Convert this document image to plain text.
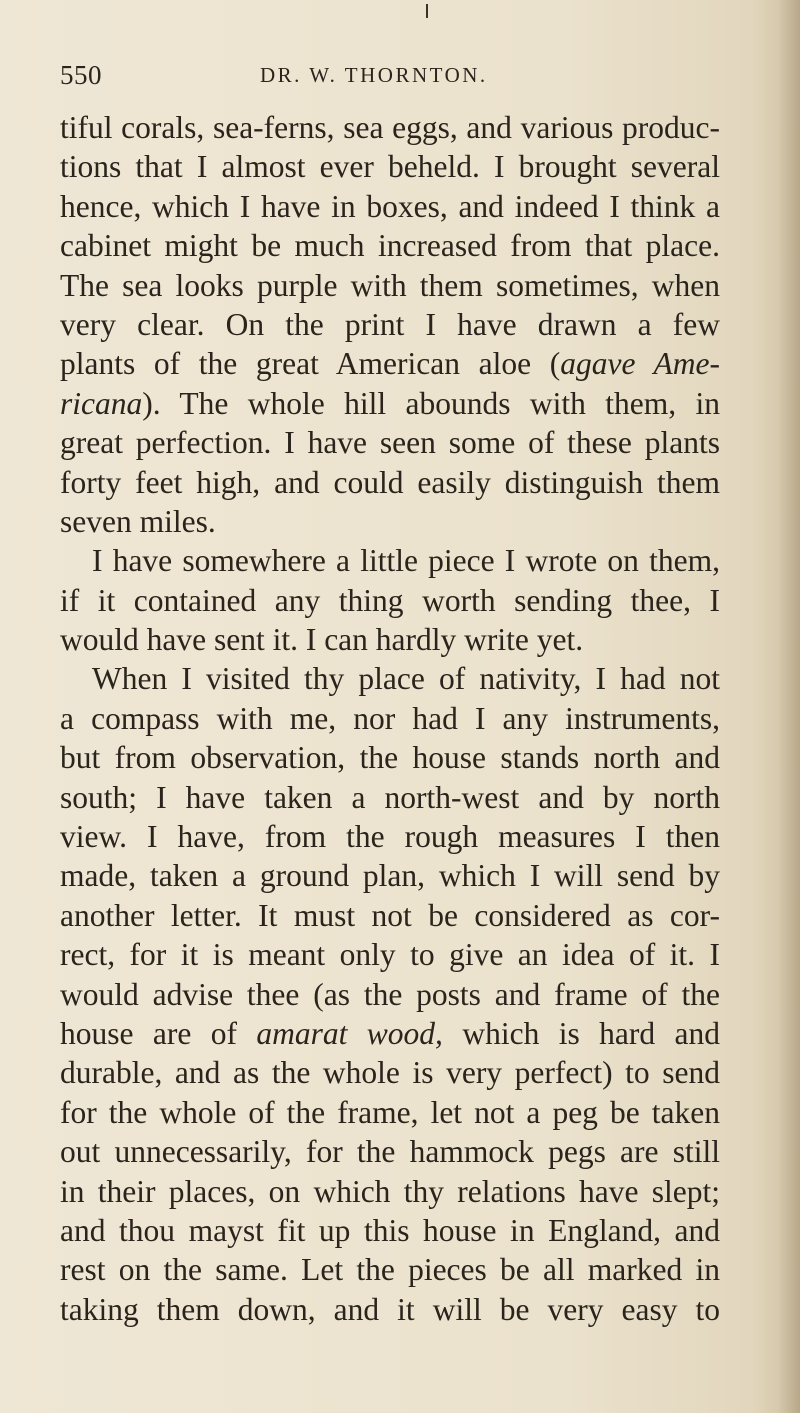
550	DR. W. THORNTON.
tiful corals, sea-ferns, sea eggs, and various produc-
tions that I almost ever beheld. I brought several
hence, which I have in boxes, and indeed I think a
cabinet might be much increased from that place.
The sea looks purple with them sometimes, when
very clear. On the print I have drawn a few
plants of the great American aloe (agave Ame-
ricana). The whole hill abounds with them, in
great perfection. I have seen some of these plants
forty feet high, and could easily distinguish them
seven miles.
I have somewhere a little piece I wrote on them,
if it contained any thing worth sending thee, I
would have sent it. I can hardly write yet.
When I visited thy place of nativity, I had not
a compass with me, nor had I any instruments,
but from observation, the house stands north and
south; I have taken a north-west and by north
view. I have, from the rough measures I then
made, taken a ground plan, which I will send by
another letter. It must not be considered as cor-
rect, for it is meant only to give an idea of it. I
would advise thee (as the posts and frame of the
house are of amarat wood, which is hard and
durable, and as the whole is very perfect) to send
for the whole of the frame, let not a peg be taken
out unnecessarily, for the hammock pegs are still
in their places, on which thy relations have slept;
and thou mayst fit up this house in England, and
rest on the same. Let the pieces be all marked in
taking them down, and it will be very easy to
